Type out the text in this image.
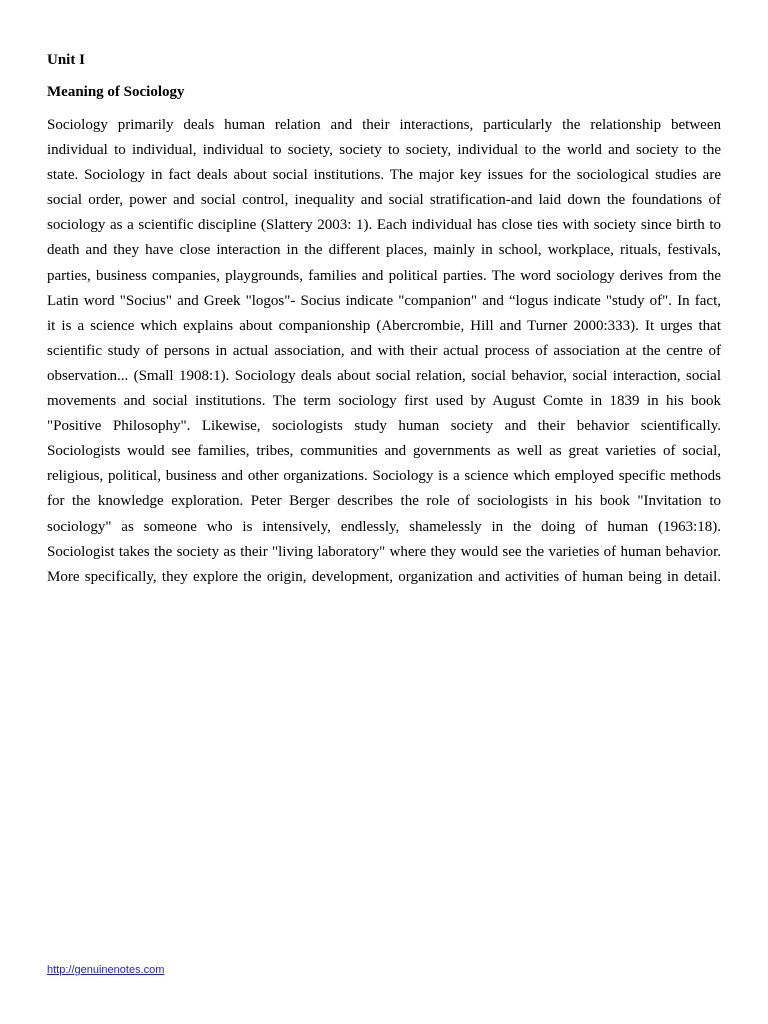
Unit I
Meaning of Sociology

Sociology primarily deals human relation and their interactions, particularly the relationship between
individual to individual, individual to society, society to society, individual to the world and society to the
state. Sociology in fact deals about social institutions. The major key issues for the sociological studies are
social order, power and social control, inequality and social stratification-and laid down the foundations of
sociology as a scientific discipline (Slattery 2003: 1). Each individual has close ties with society since birth to
death and they have close interaction in the different places, mainly in school, workplace, rituals, festivals,
parties, business companies, playgrounds, families and political parties. The word sociology derives from the
Latin word "Socius" and Greek "logos"- Socius indicate "companion" and “logus indicate "study of". In fact,
it is a science which explains about companionship (Abercrombie, Hill and Turner 2000:333). It urges that
scientific study of persons in actual association, and with their actual process of association at the centre of
observation... (Small 1908:1). Sociology deals about social relation, social behavior, social interaction, social
movements and social institutions. The term sociology first used by August Comte in 1839 in his book
"Positive Philosophy". Likewise, sociologists study human society and their behavior scientifically.
Sociologists would see families, tribes, communities and governments as well as great varieties of social,
religious, political, business and other organizations. Sociology is a science which employed specific methods
for the knowledge exploration. Peter Berger describes the role of sociologists in his book "Invitation to
sociology" as someone who is intensively, endlessly, shamelessly in the doing of human (1963:18).
Sociologist takes the society as their "living laboratory" where they would see the varieties of human behavior.
More specifically, they explore the origin, development, organization and activities of human being in detail.

http://genuinenotes.com
